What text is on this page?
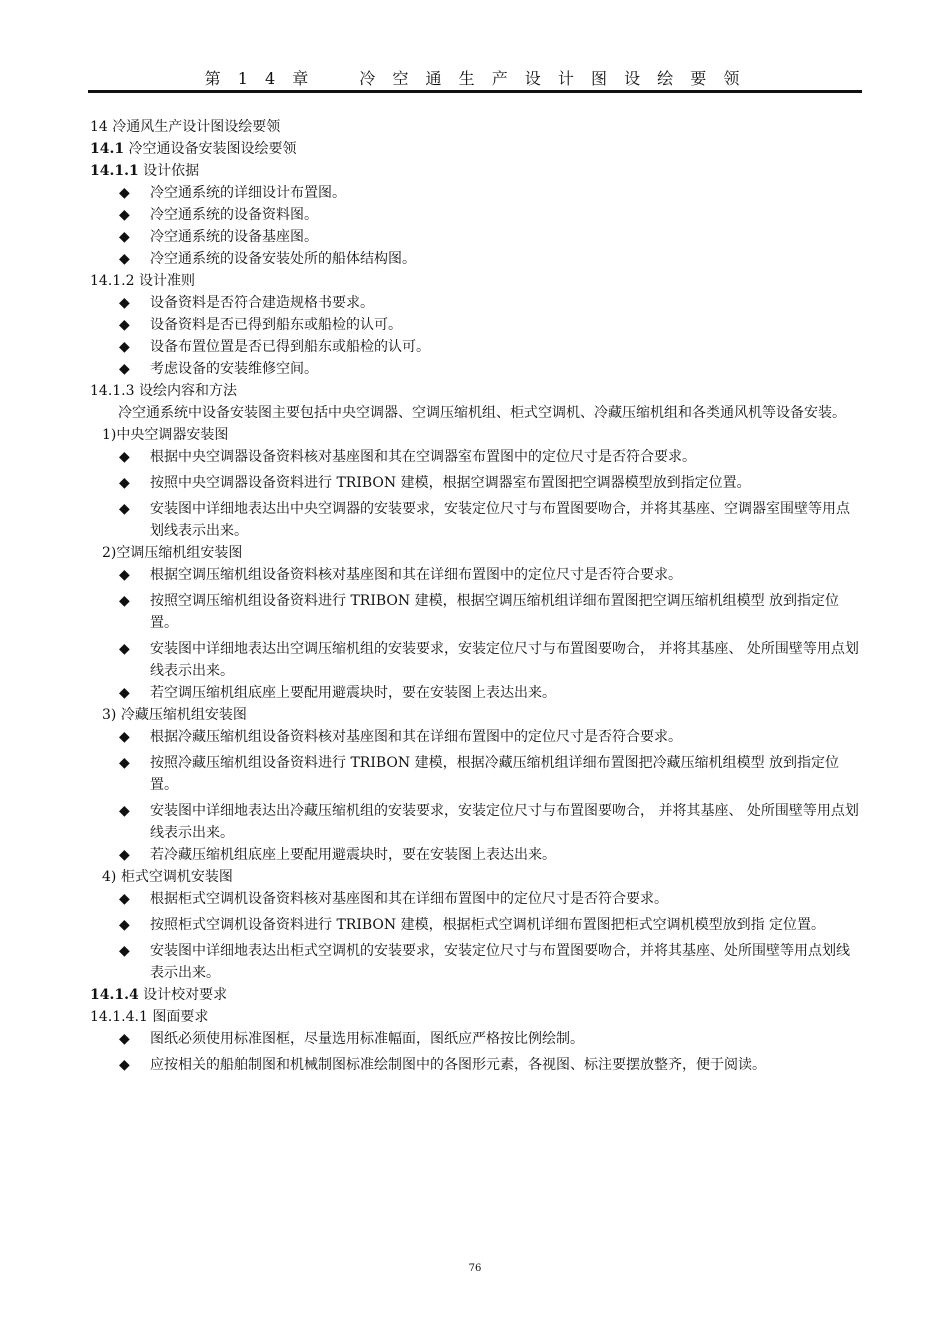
第 1 4 章	冷 空 通 生 产 设 计 图 设 绘 要 领

14 冷通风生产设计图设绘要领

14.1 冷空通设备安装图设绘要领

14.1.1 设计依据

◆ 冷空通系统的详细设计布置图。

◆ 冷空通系统的设备资料图。

◆ 冷空通系统的设备基座图。

◆ 冷空通系统的设备安装处所的船体结构图。

14.1.2 设计准则

◆ 设备资料是否符合建造规格书要求。

◆ 设备资料是否已得到船东或船检的认可。

◆ 设备布置位置是否已得到船东或船检的认可。

◆ 考虑设备的安装维修空间。

14.1.3 设绘内容和方法

冷空通系统中设备安装图主要包括中央空调器、空调压缩机组、柜式空调机、冷藏压缩机组和各类通风机等设备安装。

1)中央空调器安装图

◆ 根据中央空调器设备资料核对基座图和其在空调器室布置图中的定位尺寸是否符合要求。

◆ 按照中央空调器设备资料进行 TRIBON 建模，根据空调器室布置图把空调器模型放到指定位置。

◆ 安装图中详细地表达出中央空调器的安装要求，安装定位尺寸与布置图要吻合，并将其基座、空调器室围壁等用点划线表示出来。

2)空调压缩机组安装图

◆ 根据空调压缩机组设备资料核对基座图和其在详细布置图中的定位尺寸是否符合要求。

◆ 按照空调压缩机组设备资料进行 TRIBON 建模，根据空调压缩机组详细布置图把空调压缩机组模型 放到指定位置。

◆ 安装图中详细地表达出空调压缩机组的安装要求，安装定位尺寸与布置图要吻合， 并将其基座、 处所围壁等用点划线表示出来。

◆ 若空调压缩机组底座上要配用避震块时，要在安装图上表达出来。

3) 冷藏压缩机组安装图

◆ 根据冷藏压缩机组设备资料核对基座图和其在详细布置图中的定位尺寸是否符合要求。

◆ 按照冷藏压缩机组设备资料进行 TRIBON 建模，根据冷藏压缩机组详细布置图把冷藏压缩机组模型 放到指定位置。

◆ 安装图中详细地表达出冷藏压缩机组的安装要求，安装定位尺寸与布置图要吻合， 并将其基座、 处所围壁等用点划线表示出来。

◆ 若冷藏压缩机组底座上要配用避震块时，要在安装图上表达出来。

4) 柜式空调机安装图

◆ 根据柜式空调机设备资料核对基座图和其在详细布置图中的定位尺寸是否符合要求。

◆ 按照柜式空调机设备资料进行 TRIBON 建模，根据柜式空调机详细布置图把柜式空调机模型放到指 定位置。

◆ 安装图中详细地表达出柜式空调机的安装要求，安装定位尺寸与布置图要吻合，并将其基座、处所围壁等用点划线表示出来。

14.1.4 设计校对要求

14.1.4.1 图面要求

◆ 图纸必须使用标准图框，尽量选用标准幅面，图纸应严格按比例绘制。

◆ 应按相关的船舶制图和机械制图标准绘制图中的各图形元素，各视图、标注要摆放整齐，便于阅读。

76
